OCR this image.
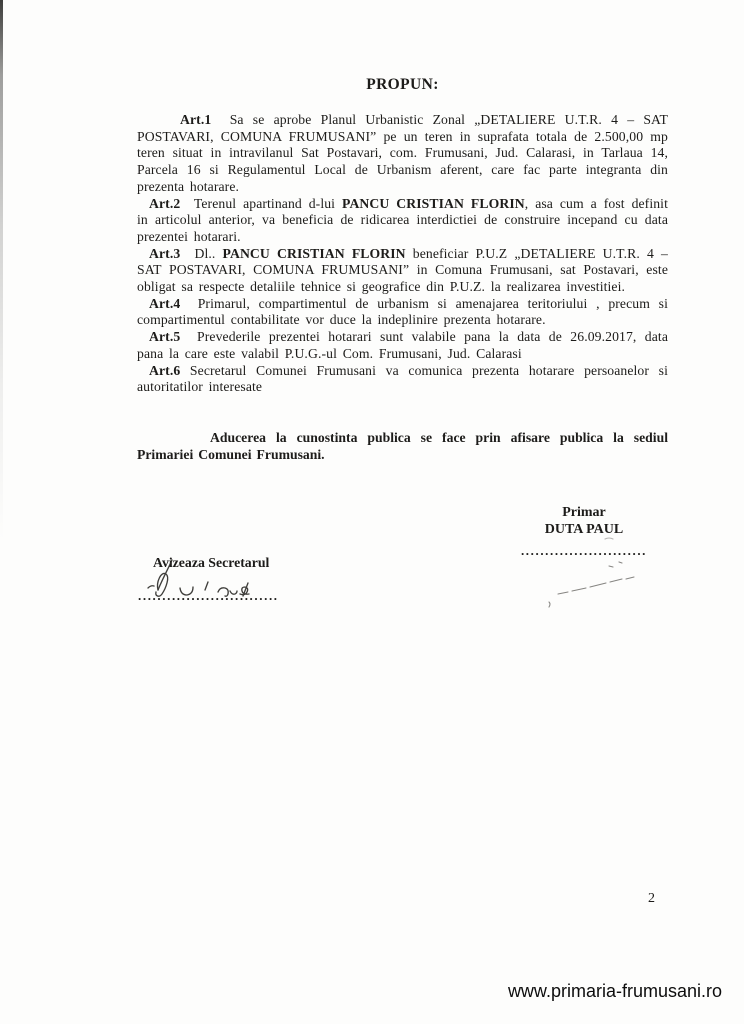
PROPUN:

Art.1  Sa se aprobe Planul Urbanistic Zonal „DETALIERE U.T.R. 4 – SAT POSTAVARI, COMUNA FRUMUSANI” pe un teren in suprafata totala de 2.500,00 mp teren situat in intravilanul Sat Postavari, com. Frumusani, Jud. Calarasi, in Tarlaua 14, Parcela 16 si Regulamentul Local de Urbanism aferent, care fac parte integranta din prezenta hotarare.

Art.2  Terenul apartinand d-lui PANCU CRISTIAN FLORIN, asa cum a fost definit in articolul anterior, va beneficia de ridicarea interdictiei de construire incepand cu data prezentei hotarari.

Art.3  Dl.. PANCU CRISTIAN FLORIN beneficiar P.U.Z „DETALIERE U.T.R. 4 – SAT POSTAVARI, COMUNA FRUMUSANI” in Comuna Frumusani, sat Postavari, este obligat sa respecte detaliile tehnice si geografice din P.U.Z. la realizarea investitiei.

Art.4  Primarul, compartimentul de urbanism si amenajarea teritoriului , precum si compartimentul contabilitate vor duce la indeplinire prezenta hotarare.

Art.5  Prevederile prezentei hotarari sunt valabile pana la data de 26.09.2017, data pana la care este valabil P.U.G.-ul Com. Frumusani, Jud. Calarasi

Art.6 Secretarul Comunei Frumusani va comunica prezenta hotarare persoanelor si autoritatilor interesate

Aducerea la cunostinta publica se face prin afisare publica la sediul Primariei Comunei Frumusani.

Primar
DUTA PAUL
..........................
Avizeaza Secretarul
.............................
2
www.primaria-frumusani.ro
